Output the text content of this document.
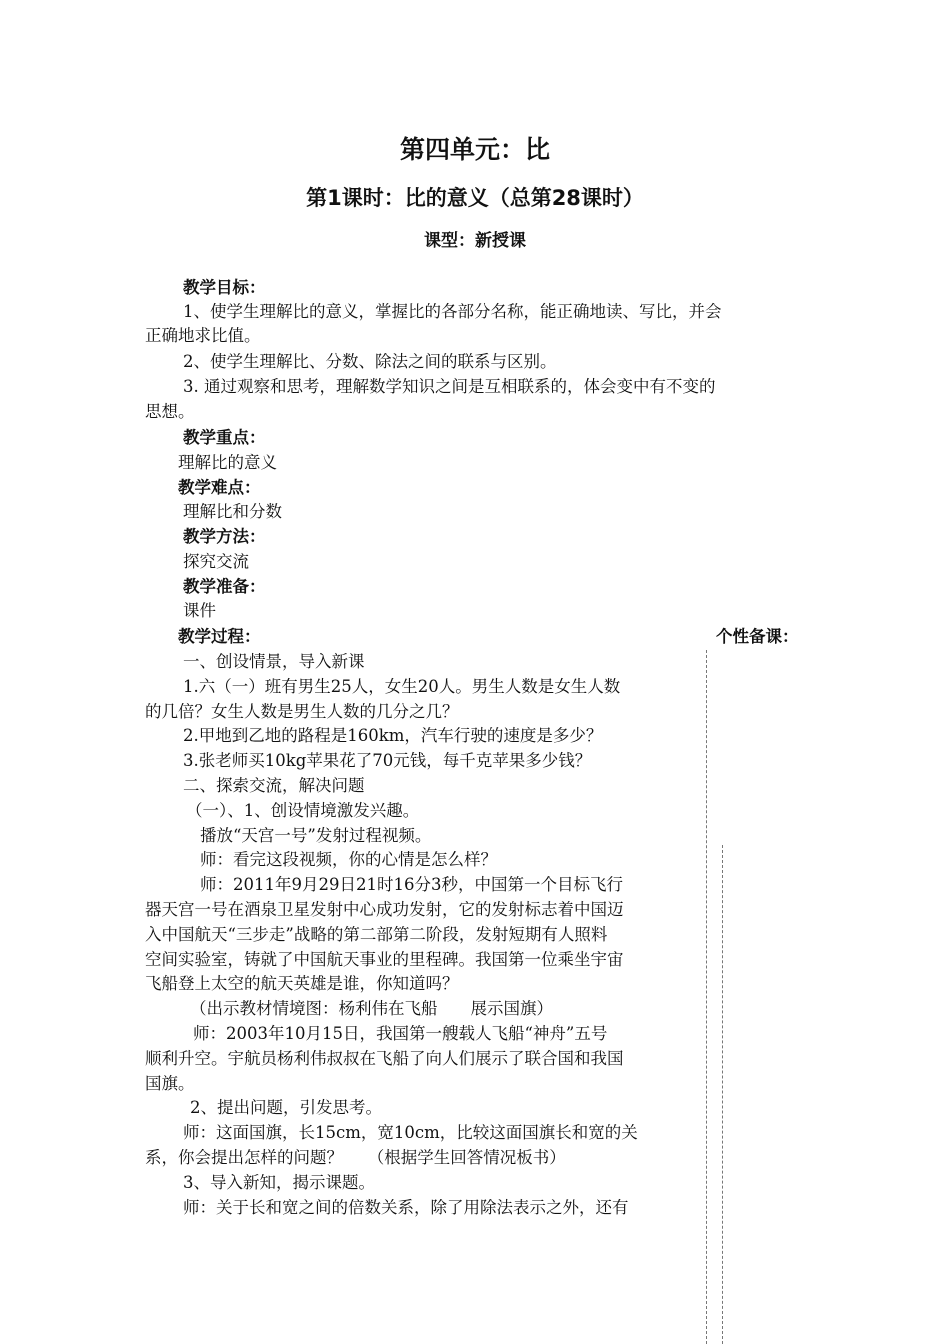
第四单元：比
第1课时：比的意义（总第28课时）
课型：新授课
教学目标：
1、使学生理解比的意义，掌握比的各部分名称，能正确地读、写比，并会
正确地求比值。
2、使学生理解比、分数、除法之间的联系与区别。
3. 通过观察和思考，理解数学知识之间是互相联系的，体会变中有不变的
思想。
教学重点：
理解比的意义
教学难点：
理解比和分数
教学方法：
探究交流
教学准备：
课件
教学过程：	个性备课：
一、创设情景，导入新课
1.六（一）班有男生25人，女生20人。男生人数是女生人数
的几倍？女生人数是男生人数的几分之几？
2.甲地到乙地的路程是160km，汽车行驶的速度是多少？
3.张老师买10kg苹果花了70元钱，每千克苹果多少钱？
二、探索交流，解决问题
（一）、1、创设情境激发兴趣。
播放“天宫一号”发射过程视频。
师：看完这段视频，你的心情是怎么样？
师：2011年9月29日21时16分3秒，中国第一个目标飞行
器天宫一号在酒泉卫星发射中心成功发射，它的发射标志着中国迈
入中国航天“三步走”战略的第二部第二阶段，发射短期有人照料
空间实验室，铸就了中国航天事业的里程碑。我国第一位乘坐宇宙
飞船登上太空的航天英雄是谁，你知道吗？
（出示教材情境图：杨利伟在飞船　　展示国旗）
师：2003年10月15日，我国第一艘载人飞船“神舟”五号
顺利升空。宇航员杨利伟叔叔在飞船了向人们展示了联合国和我国
国旗。
2、提出问题，引发思考。
师：这面国旗，长15cm，宽10cm，比较这面国旗长和宽的关
系，你会提出怎样的问题？　　（根据学生回答情况板书）
3、导入新知，揭示课题。
师：关于长和宽之间的倍数关系，除了用除法表示之外，还有
